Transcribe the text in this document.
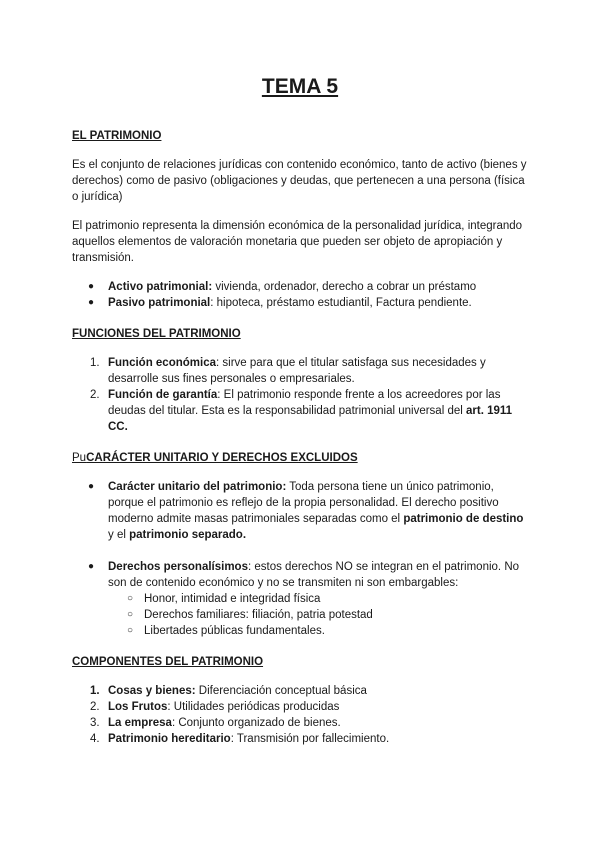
TEMA 5
EL PATRIMONIO

Es el conjunto de relaciones jurídicas con contenido económico, tanto de activo (bienes y derechos) como de pasivo (obligaciones y deudas, que pertenecen a una persona (física o jurídica)

El patrimonio representa la dimensión económica de la personalidad jurídica, integrando aquellos elementos de valoración monetaria que pueden ser objeto de apropiación y transmisión.

● Activo patrimonial: vivienda, ordenador, derecho a cobrar un préstamo
● Pasivo patrimonial: hipoteca, préstamo estudiantil, Factura pendiente.
FUNCIONES DEL PATRIMONIO
1. Función económica: sirve para que el titular satisfaga sus necesidades y desarrolle sus fines personales o empresariales.
2. Función de garantía: El patrimonio responde frente a los acreedores por las deudas del titular. Esta es la responsabilidad patrimonial universal del art. 1911 CC.
PuCARÁCTER UNITARIO Y DERECHOS EXCLUIDOS
● Carácter unitario del patrimonio: Toda persona tiene un único patrimonio, porque el patrimonio es reflejo de la propia personalidad. El derecho positivo moderno admite masas patrimoniales separadas como el patrimonio de destino y el patrimonio separado.
● Derechos personalísimos: estos derechos NO se integran en el patrimonio. No son de contenido económico y no se transmiten ni son embargables:
○ Honor, intimidad e integridad física
○ Derechos familiares: filiación, patria potestad
○ Libertades públicas fundamentales.
COMPONENTES DEL PATRIMONIO
1. Cosas y bienes: Diferenciación conceptual básica
2. Los Frutos: Utilidades periódicas producidas
3. La empresa: Conjunto organizado de bienes.
4. Patrimonio hereditario: Transmisión por fallecimiento.
